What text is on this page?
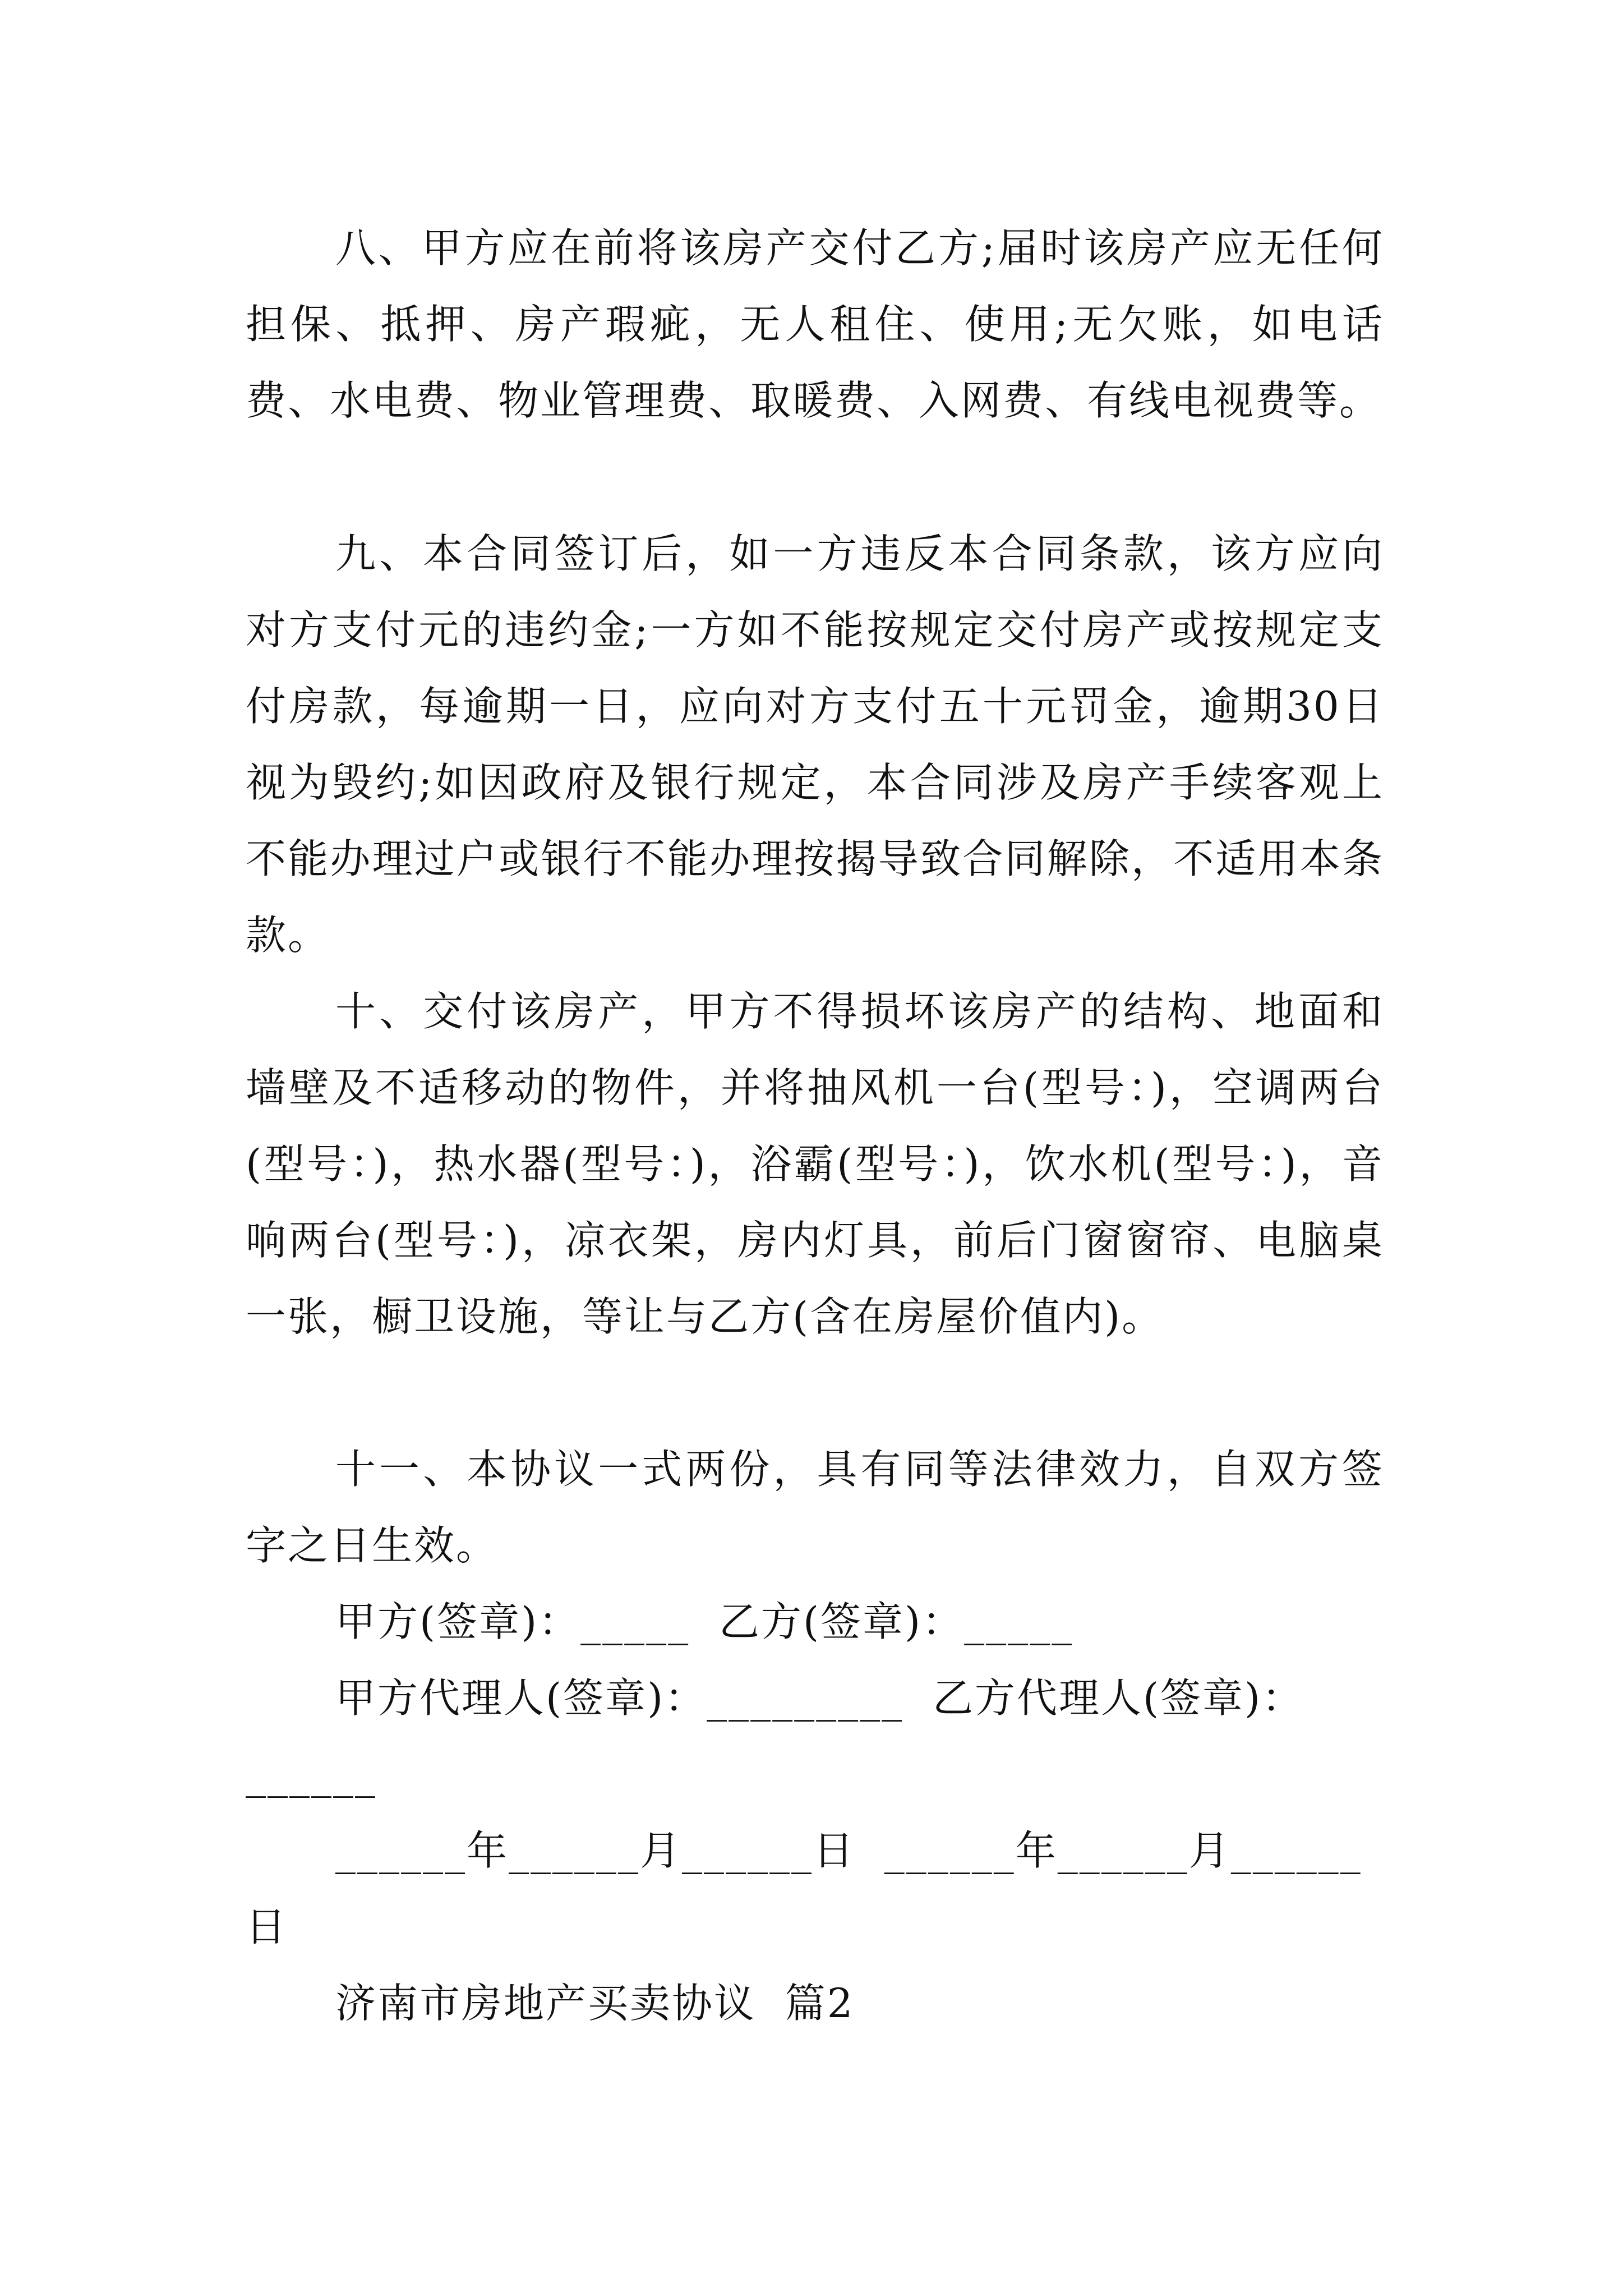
八、甲方应在前将该房产交付乙方;届时该房产应无任何担保、抵押、房产瑕疵，无人租住、使用;无欠账，如电话费、水电费、物业管理费、取暖费、入网费、有线电视费等。

九、本合同签订后，如一方违反本合同条款，该方应向对方支付元的违约金;一方如不能按规定交付房产或按规定支付房款，每逾期一日，应向对方支付五十元罚金，逾期30日视为毁约;如因政府及银行规定，本合同涉及房产手续客观上不能办理过户或银行不能办理按揭导致合同解除，不适用本条款。

十、交付该房产，甲方不得损坏该房产的结构、地面和墙壁及不适移动的物件，并将抽风机一台(型号：)，空调两台(型号：)，热水器(型号：)，浴霸(型号：)，饮水机(型号：)，音响两台(型号：)，凉衣架，房内灯具，前后门窗窗帘、电脑桌一张，橱卫设施，等让与乙方(含在房屋价值内)。

十一、本协议一式两份，具有同等法律效力，自双方签字之日生效。

甲方(签章)：_____  乙方(签章)：_____

甲方代理人(签章)：_________  乙方代理人(签章)：

______

______年______月______日  ______年______月______

日

济南市房地产买卖协议  篇2
